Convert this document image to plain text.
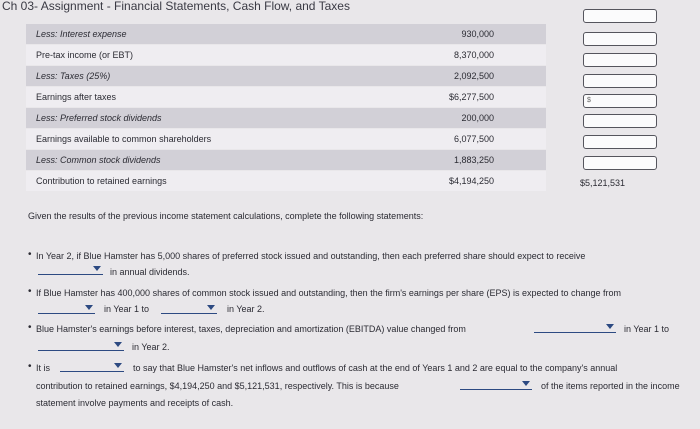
Ch 03- Assignment - Financial Statements, Cash Flow, and Taxes
Less: Interest expense	930,000
Pre-tax income (or EBT)	8,370,000
Less: Taxes (25%)	2,092,500
Earnings after taxes	$6,277,500
Less: Preferred stock dividends	200,000
Earnings available to common shareholders	6,077,500
Less: Common stock dividends	1,883,250
Contribution to retained earnings	$4,194,250
$
$5,121,531
Given the results of the previous income statement calculations, complete the following statements:
• In Year 2, if Blue Hamster has 5,000 shares of preferred stock issued and outstanding, then each preferred share should expect to receive
in annual dividends.
• If Blue Hamster has 400,000 shares of common stock issued and outstanding, then the firm's earnings per share (EPS) is expected to change from
in Year 1 to	in Year 2.
• Blue Hamster's earnings before interest, taxes, depreciation and amortization (EBITDA) value changed from	in Year 1 to
in Year 2.
• It is	to say that Blue Hamster's net inflows and outflows of cash at the end of Years 1 and 2 are equal to the company's annual
contribution to retained earnings, $4,194,250 and $5,121,531, respectively. This is because	of the items reported in the income
statement involve payments and receipts of cash.
